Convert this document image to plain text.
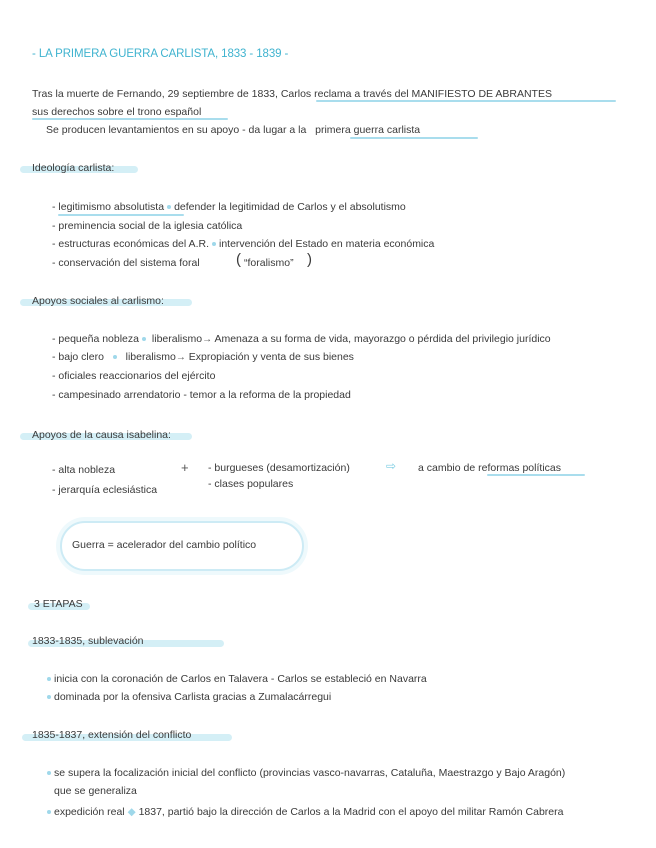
- LA PRIMERA GUERRA CARLISTA, 1833 - 1839 -
Tras la muerte de Fernando, 29 septiembre de 1833, Carlos reclama a través del MANIFIESTO DE ABRANTES
sus derechos sobre el trono español
Se producen levantamientos en su apoyo - da lugar a la primera guerra carlista
Ideología carlista:
- legitimismo absolutista defender la legitimidad de Carlos y el absolutismo
- preminencia social de la iglesia católica
- estructuras económicas del A.R. intervención del Estado en materia económica
- conservación del sistema foral ( “foralismo” )
Apoyos sociales al carlismo:
- pequeña nobleza liberalismo→ Amenaza a su forma de vida, mayorazgo o pérdida del privilegio jurídico
- bajo clero liberalismo→ Expropiación y venta de sus bienes
- oficiales reaccionarios del ejército
- campesinado arrendatorio - temor a la reforma de la propiedad
Apoyos de la causa isabelina:
- alta nobleza
- jerarquía eclesiástica
+ - burgueses (desamortización)
- clases populares
⇨ a cambio de reformas políticas
Guerra = acelerador del cambio político
3 ETAPAS
1833-1835, sublevación
inicia con la coronación de Carlos en Talavera - Carlos se estableció en Navarra
dominada por la ofensiva Carlista gracias a Zumalacárregui
1835-1837, extensión del conflicto
se supera la focalización inicial del conflicto (provincias vasco-navarras, Cataluña, Maestrazgo y Bajo Aragón)
que se generaliza
expedición real ◆ 1837, partió bajo la dirección de Carlos a la Madrid con el apoyo del militar Ramón Cabrera
